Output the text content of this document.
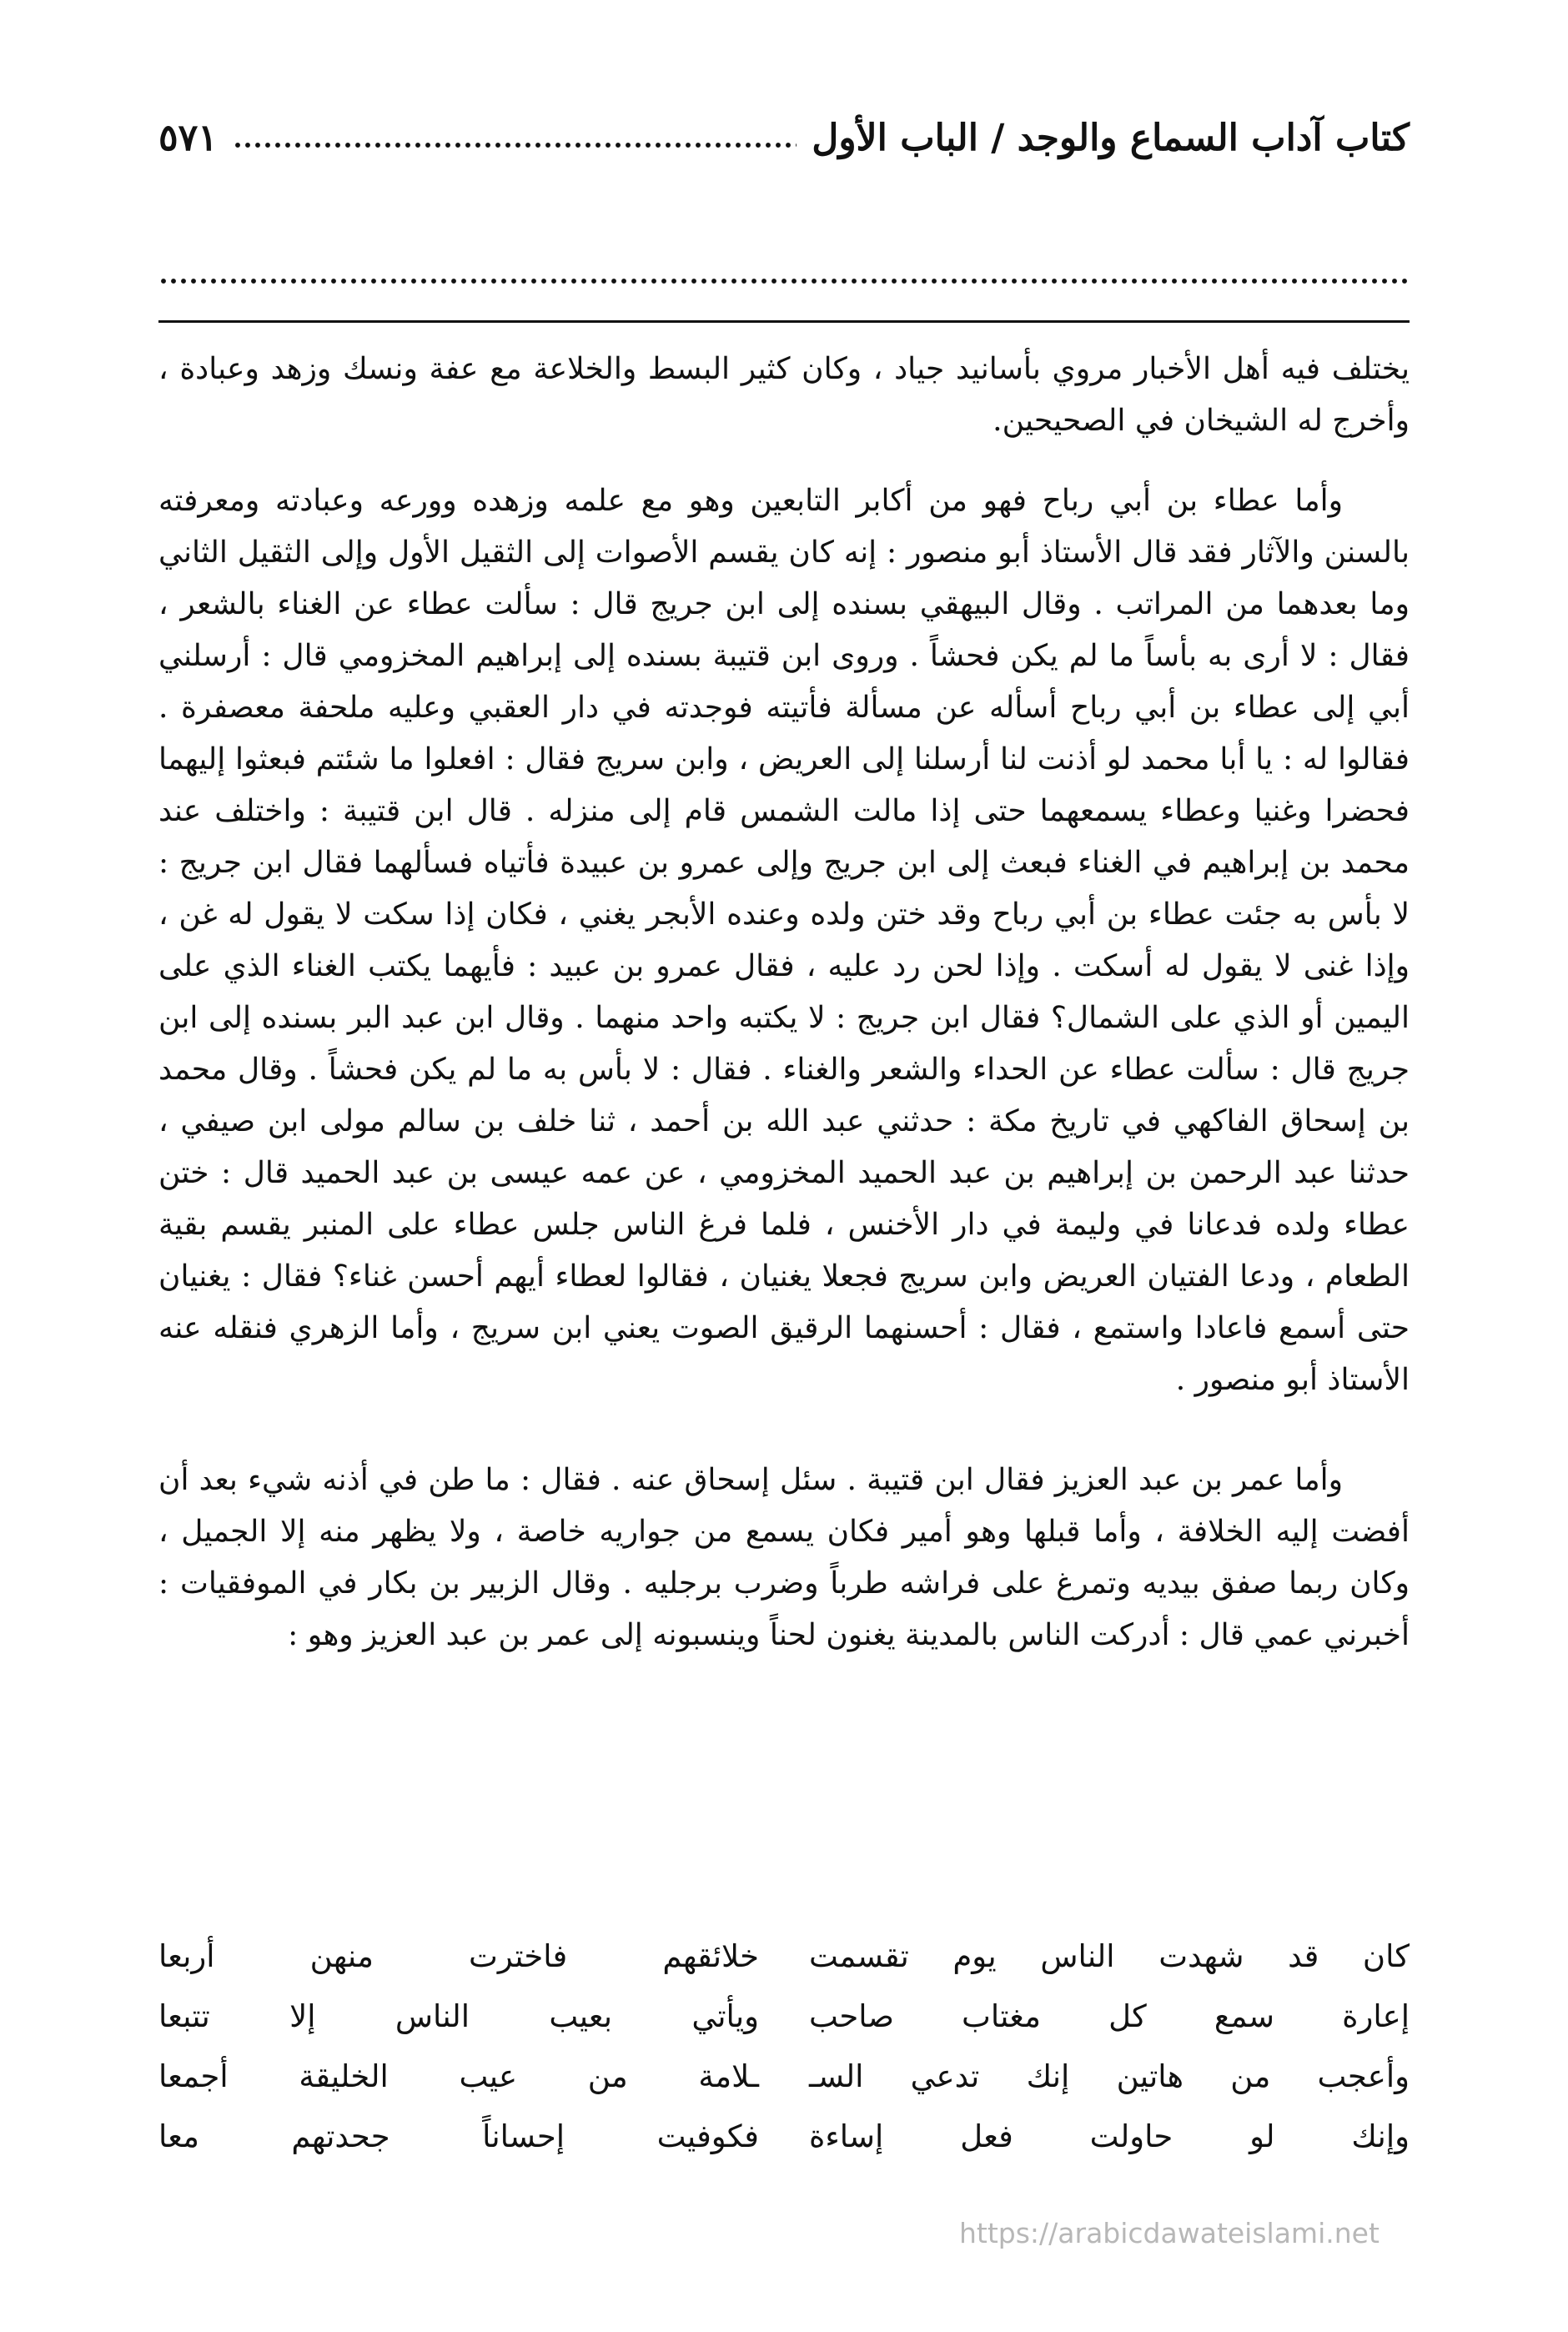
كتاب آداب السماع والوجد / الباب الأول
٥٧١

يختلف فيه أهل الأخبار مروي بأسانيد جياد ، وكان كثير البسط والخلاعة مع عفة ونسك وزهد وعبادة ، وأخرج له الشيخان في الصحيحين.

وأما عطاء بن أبي رباح فهو من أكابر التابعين وهو مع علمه وزهده وورعه وعبادته ومعرفته بالسنن والآثار فقد قال الأستاذ أبو منصور : إنه كان يقسم الأصوات إلى الثقيل الأول وإلى الثقيل الثاني وما بعدهما من المراتب . وقال البيهقي بسنده إلى ابن جريج قال : سألت عطاء عن الغناء بالشعر ، فقال : لا أرى به بأساً ما لم يكن فحشاً . وروى ابن قتيبة بسنده إلى إبراهيم المخزومي قال : أرسلني أبي إلى عطاء بن أبي رباح أسأله عن مسألة فأتيته فوجدته في دار العقبي وعليه ملحفة معصفرة . فقالوا له : يا أبا محمد لو أذنت لنا أرسلنا إلى العريض ، وابن سريج فقال : افعلوا ما شئتم فبعثوا إليهما فحضرا وغنيا وعطاء يسمعهما حتى إذا مالت الشمس قام إلى منزله . قال ابن قتيبة : واختلف عند محمد بن إبراهيم في الغناء فبعث إلى ابن جريج وإلى عمرو بن عبيدة فأتياه فسألهما فقال ابن جريج : لا بأس به جئت عطاء بن أبي رباح وقد ختن ولده وعنده الأبجر يغني ، فكان إذا سكت لا يقول له غن ، وإذا غنى لا يقول له أسكت . وإذا لحن رد عليه ، فقال عمرو بن عبيد : فأيهما يكتب الغناء الذي على اليمين أو الذي على الشمال؟ فقال ابن جريج : لا يكتبه واحد منهما . وقال ابن عبد البر بسنده إلى ابن جريج قال : سألت عطاء عن الحداء والشعر والغناء . فقال : لا بأس به ما لم يكن فحشاً . وقال محمد بن إسحاق الفاكهي في تاريخ مكة : حدثني عبد الله بن أحمد ، ثنا خلف بن سالم مولى ابن صيفي ، حدثنا عبد الرحمن بن إبراهيم بن عبد الحميد المخزومي ، عن عمه عيسى بن عبد الحميد قال : ختن عطاء ولده فدعانا في وليمة في دار الأخنس ، فلما فرغ الناس جلس عطاء على المنبر يقسم بقية الطعام ، ودعا الفتيان العريض وابن سريج فجعلا يغنيان ، فقالوا لعطاء أيهم أحسن غناء؟ فقال : يغنيان حتى أسمع فاعادا واستمع ، فقال : أحسنهما الرقيق الصوت يعني ابن سريج ، وأما الزهري فنقله عنه الأستاذ أبو منصور .

وأما عمر بن عبد العزيز فقال ابن قتيبة . سئل إسحاق عنه . فقال : ما طن في أذنه شيء بعد أن أفضت إليه الخلافة ، وأما قبلها وهو أمير فكان يسمع من جواريه خاصة ، ولا يظهر منه إلا الجميل ، وكان ربما صفق بيديه وتمرغ على فراشه طرباً وضرب برجليه . وقال الزبير بن بكار في الموفقيات : أخبرني عمي قال : أدركت الناس بالمدينة يغنون لحناً وينسبونه إلى عمر بن عبد العزيز وهو :

كان قد شهدت الناس يوم تقسمت
خلائقهم فاخترت منهن أربعا
إعارة سمع كل مغتاب صاحب
ويأتي بعيب الناس إلا تتبعا
وأعجب من هاتين إنك تدعي السـ
ـلامة من عيب الخليقة أجمعا
وإنك لو حاولت فعل إساءة
فكوفيت إحساناً جحدتهم معا
https://arabicdawateislami.net
